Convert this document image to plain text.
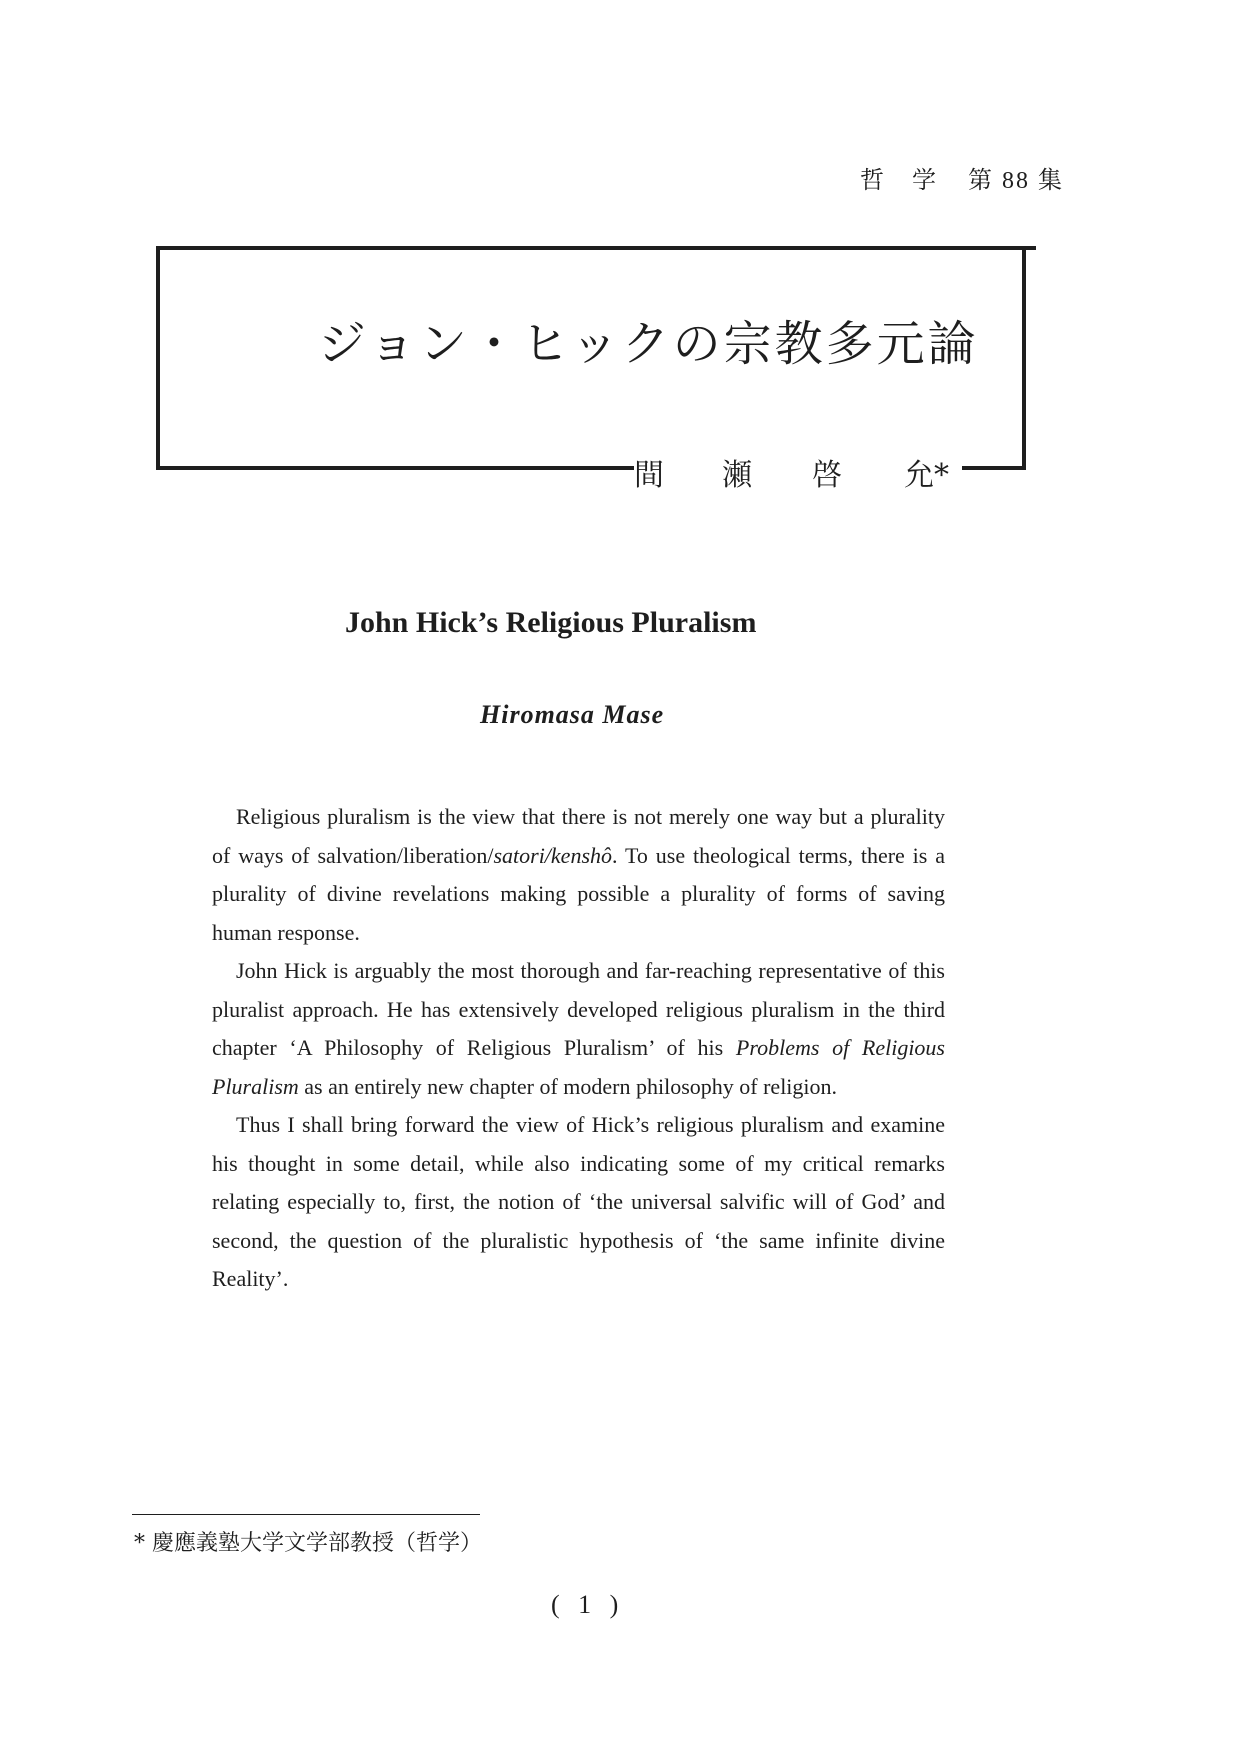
哲　学 第 88 集
ジョン・ヒックの宗教多元論
間 瀬 啓 允*
John Hick’s Religious Pluralism
Hiromasa Mase

Religious pluralism is the view that there is not merely one way but a plurality of ways of salvation/liberation/satori/kenshô. To use theological terms, there is a plurality of divine revelations making possible a plurality of forms of saving human response.

John Hick is arguably the most thorough and far-reaching representative of this pluralist approach. He has extensively developed religious pluralism in the third chapter ‘A Philosophy of Religious Pluralism’ of his Problems of Religious Pluralism as an entirely new chapter of modern philosophy of religion.

Thus I shall bring forward the view of Hick’s religious pluralism and examine his thought in some detail, while also indicating some of my critical remarks relating especially to, first, the notion of ‘the universal salvific will of God’ and second, the question of the pluralistic hypothesis of ‘the same infinite divine Reality’.

* 慶應義塾大学文学部教授（哲学）
( 1 )
